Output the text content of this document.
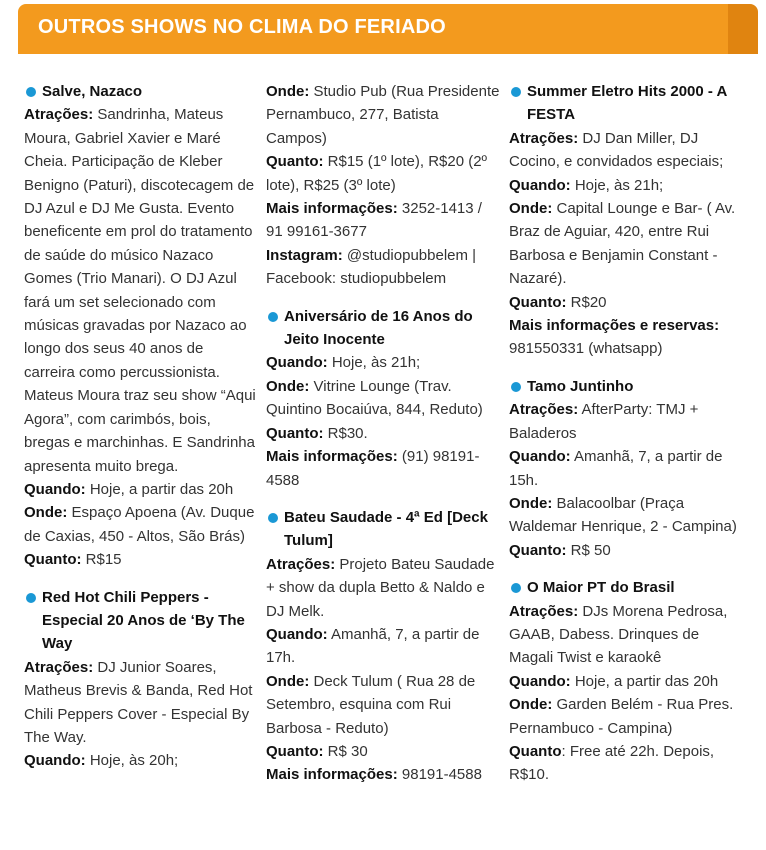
OUTROS SHOWS NO CLIMA DO FERIADO
Salve, Nazaco
Atrações: Sandrinha, Mateus Moura, Gabriel Xavier e Maré Cheia. Participação de Kleber Benigno (Paturi), discotecagem de DJ Azul e DJ Me Gusta. Evento beneficente em prol do tratamento de saúde do músico Nazaco Gomes (Trio Manari). O DJ Azul fará um set selecionado com músicas gravadas por Nazaco ao longo dos seus 40 anos de carreira como percussionista. Mateus Moura traz seu show “Aqui Agora”, com carimbós, bois, bregas e marchinhas. E Sandrinha apresenta muito brega.
Quando: Hoje, a partir das 20h
Onde: Espaço Apoena (Av. Duque de Caxias, 450 - Altos, São Brás)
Quanto: R$15
Red Hot Chili Peppers - Especial 20 Anos de ‘By The Way
Atrações: DJ Junior Soares, Matheus Brevis & Banda, Red Hot Chili Peppers Cover - Especial By The Way.
Quando: Hoje, às 20h;
Onde: Studio Pub (Rua Presidente Pernambuco, 277, Batista Campos)
Quanto: R$15 (1º lote), R$20 (2º lote), R$25 (3º lote)
Mais informações: 3252-1413 / 91 99161-3677
Instagram: @studiopubbelem | Facebook: studiopubbelem
Aniversário de 16 Anos do Jeito Inocente
Quando: Hoje, às 21h;
Onde: Vitrine Lounge (Trav. Quintino Bocaiúva, 844, Reduto)
Quanto: R$30.
Mais informações: (91) 98191-4588
Bateu Saudade - 4ª Ed [Deck Tulum]
Atrações: Projeto Bateu Saudade + show da dupla Betto & Naldo e DJ Melk.
Quando: Amanhã, 7, a partir de 17h.
Onde: Deck Tulum ( Rua 28 de Setembro, esquina com Rui Barbosa - Reduto)
Quanto: R$ 30
Mais informações: 98191-4588
Summer Eletro Hits 2000 - A FESTA
Atrações: DJ Dan Miller, DJ Cocino, e convidados especiais;
Quando: Hoje, às 21h;
Onde: Capital Lounge e Bar- ( Av. Braz de Aguiar, 420, entre Rui Barbosa e Benjamin Constant - Nazaré).
Quanto: R$20
Mais informações e reservas: 981550331 (whatsapp)
Tamo Juntinho
Atrações: AfterParty: TMJ + Baladeros
Quando: Amanhã, 7, a partir de 15h.
Onde: Balacoolbar (Praça Waldemar Henrique, 2 - Campina)
Quanto: R$ 50
O Maior PT do Brasil
Atrações: DJs Morena Pedrosa, GAAB, Dabess. Drinques de Magali Twist e karaokê
Quando: Hoje, a partir das 20h
Onde: Garden Belém - Rua Pres. Pernambuco - Campina)
Quanto: Free até 22h. Depois, R$10.
